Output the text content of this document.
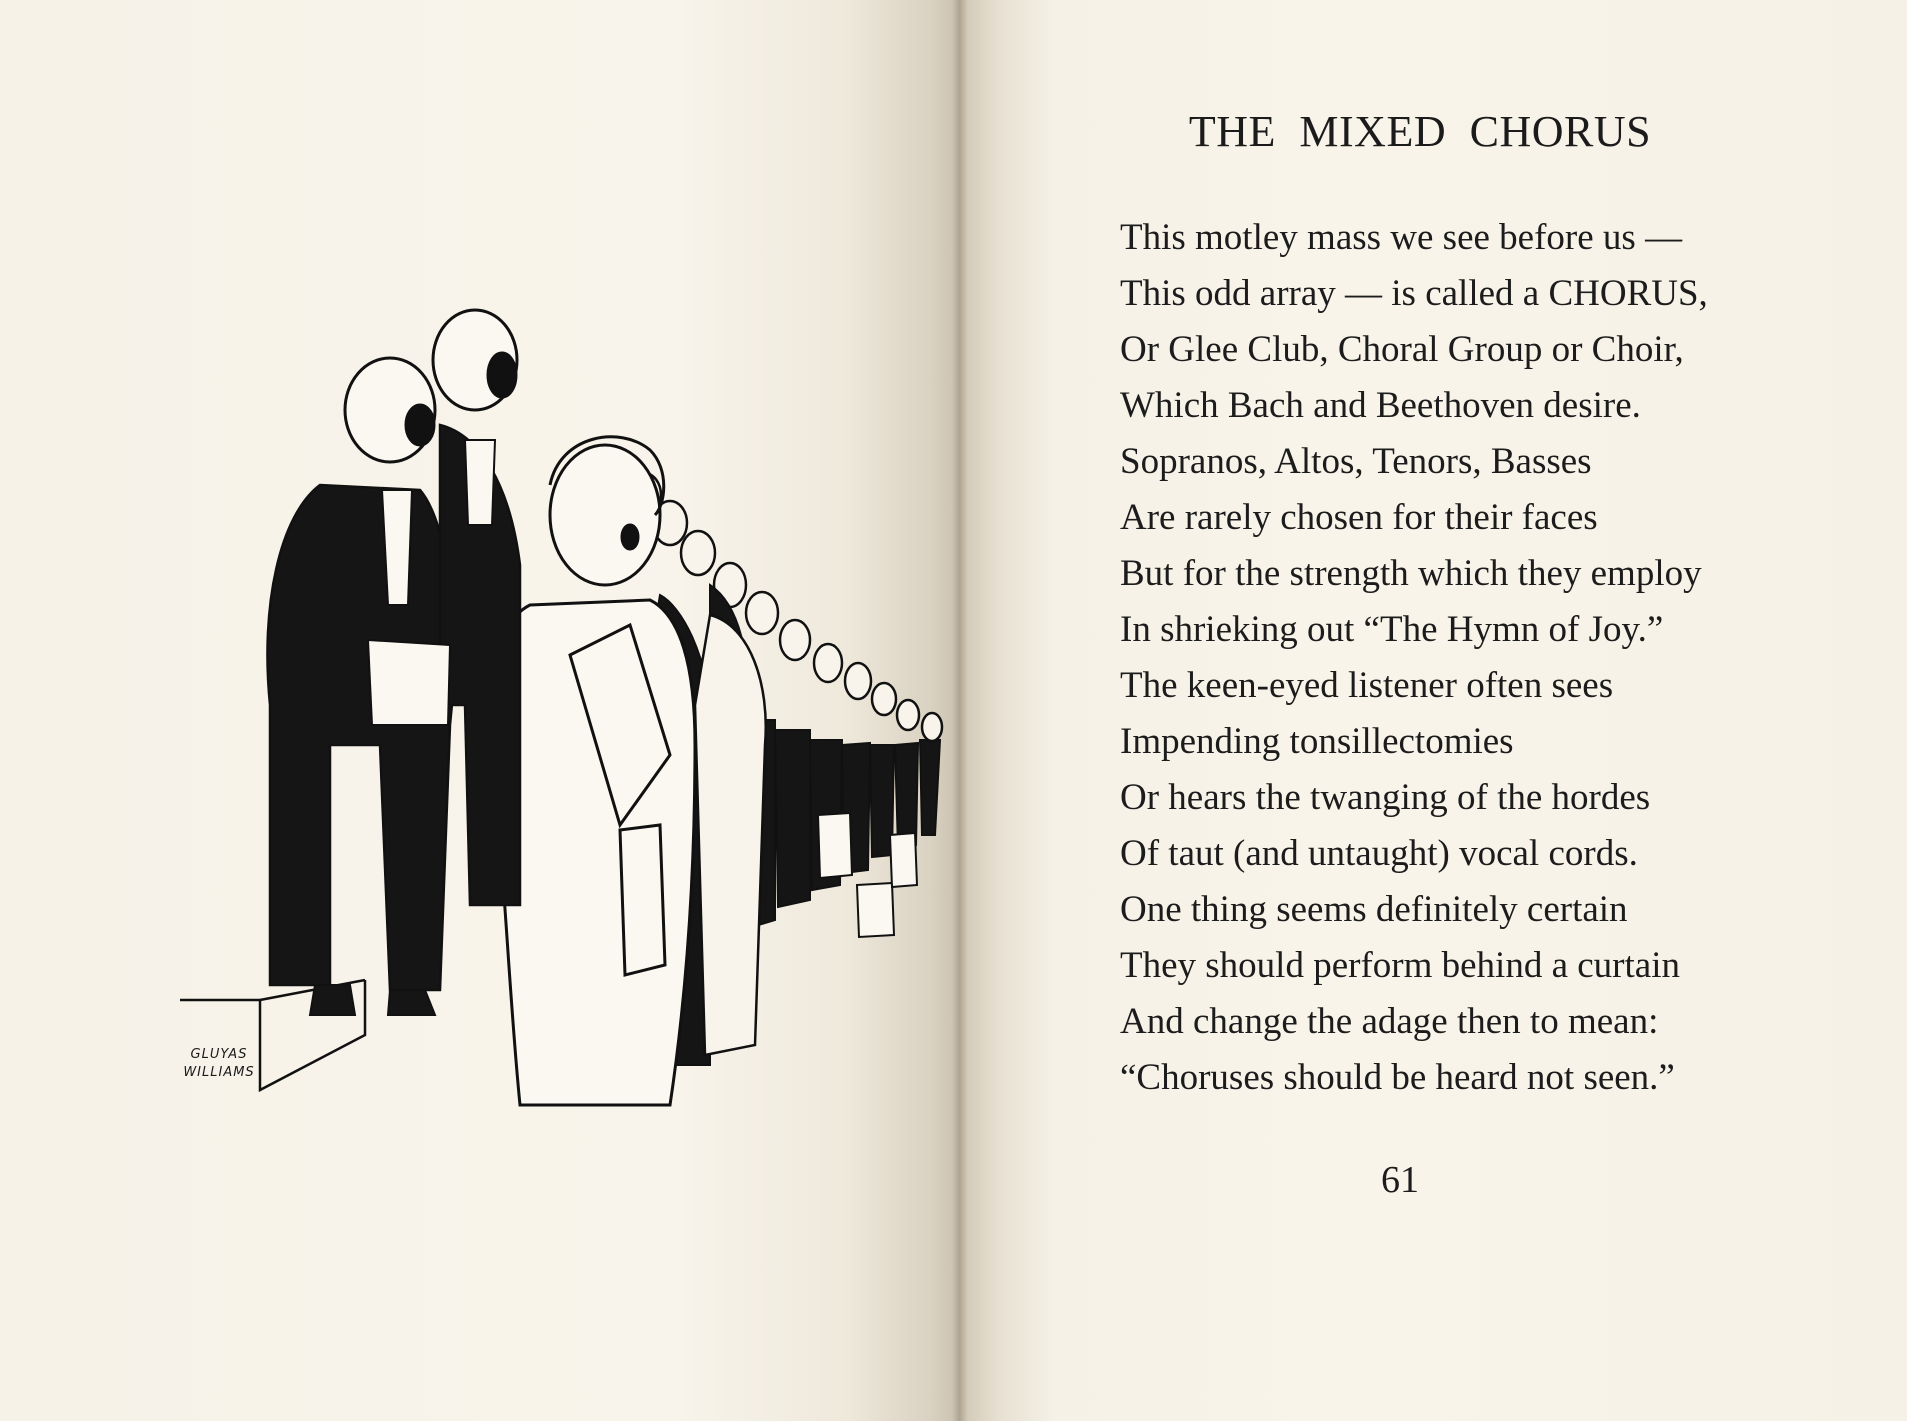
GLUYAS
WILLIAMS
THE MIXED CHORUS
This motley mass we see before us —
This odd array — is called a CHORUS,
Or Glee Club, Choral Group or Choir,
Which Bach and Beethoven desire.
Sopranos, Altos, Tenors, Basses
Are rarely chosen for their faces
But for the strength which they employ
In shrieking out “The Hymn of Joy.”
The keen-eyed listener often sees
Impending tonsillectomies
Or hears the twanging of the hordes
Of taut (and untaught) vocal cords.
One thing seems definitely certain
They should perform behind a curtain
And change the adage then to mean:
“Choruses should be heard not seen.”
61
